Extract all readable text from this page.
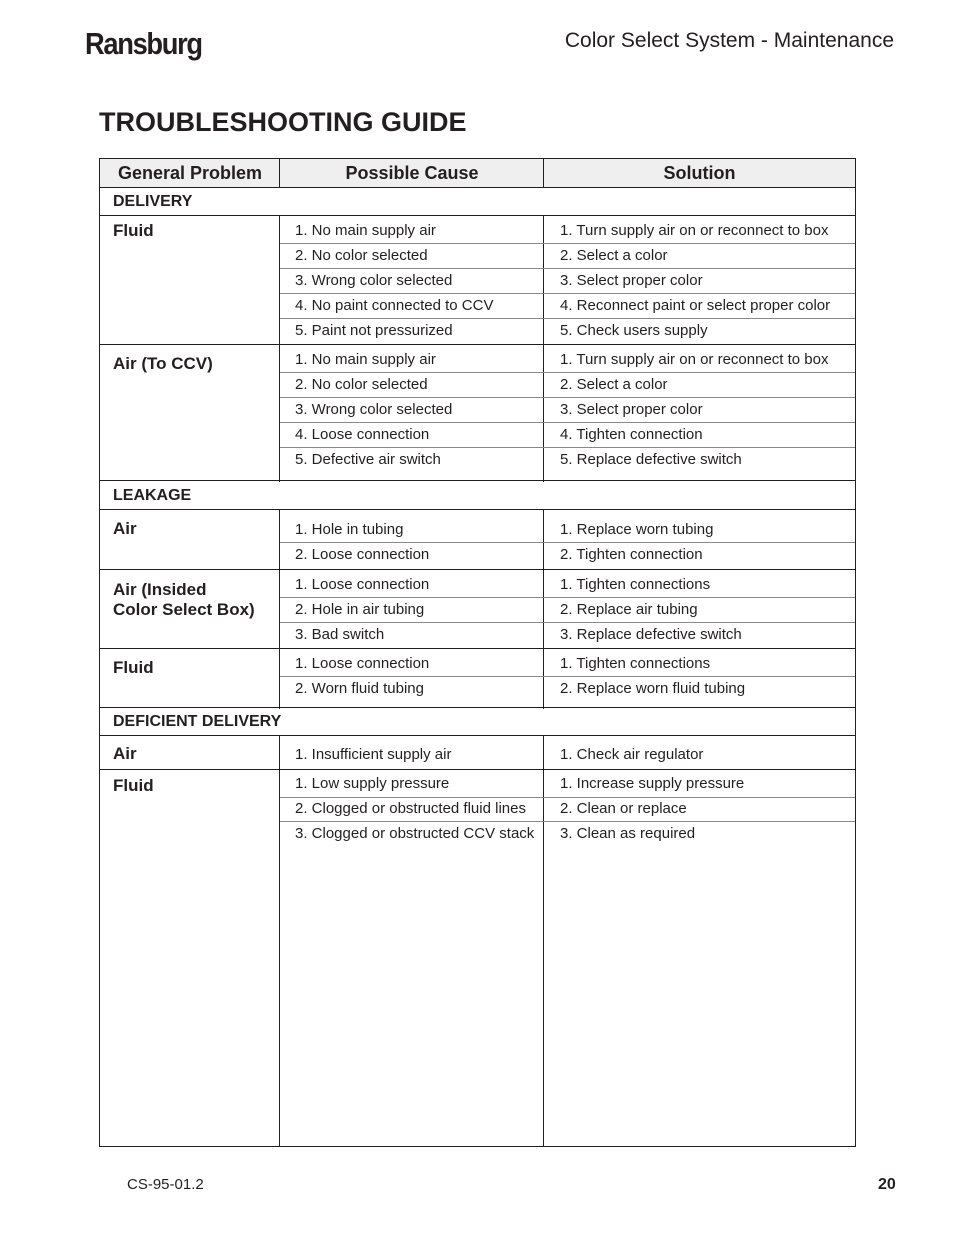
Ransburg	Color Select System - Maintenance
TROUBLESHOOTING GUIDE
General Problem	Possible Cause	Solution
DELIVERY
Fluid	1. No main supply air	1. Turn supply air on or reconnect to box
2. No color selected	2. Select a color
3. Wrong color selected	3. Select proper color
4. No paint connected to CCV	4. Reconnect paint or select proper color
5. Paint not pressurized	5. Check users supply
Air (To CCV)	1. No main supply air	1. Turn supply air on or reconnect to box
2. No color selected	2. Select a color
3. Wrong color selected	3. Select proper color
4. Loose connection	4. Tighten connection
5. Defective air switch	5. Replace defective switch
LEAKAGE
Air	1. Hole in tubing	1. Replace worn tubing
2. Loose connection	2. Tighten connection
Air (Insided
Color Select Box)
1. Loose connection	1. Tighten connections
2. Hole in air tubing	2. Replace air tubing
3. Bad switch	3. Replace defective switch
Fluid	1. Loose connection	1. Tighten connections
2. Worn fluid tubing	2. Replace worn fluid tubing
DEFICIENT DELIVERY
Air	1. Insufficient supply air	1. Check air regulator
Fluid	1. Low supply pressure	1. Increase supply pressure
2. Clogged or obstructed fluid lines 2. Clean or replace
3. Clogged or obstructed CCV stack 3. Clean as required
CS-95-01.2	20
